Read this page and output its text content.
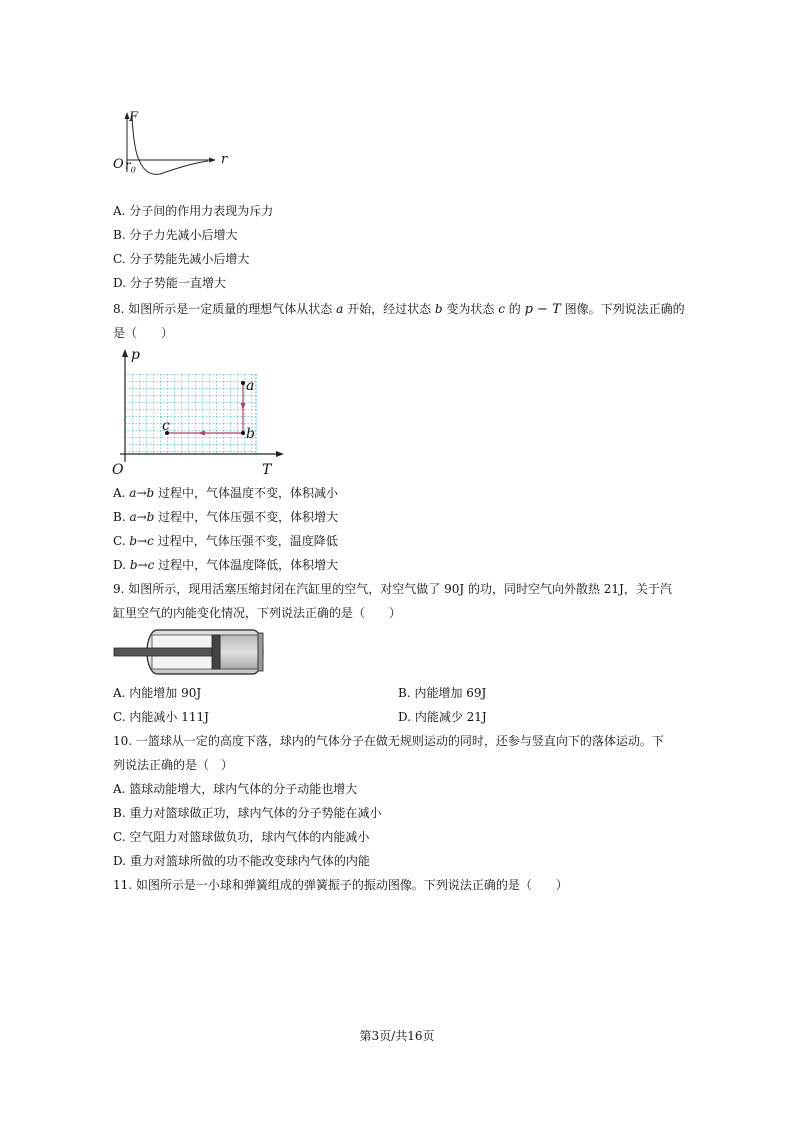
F
r
O $r_0$
A. 分子间的作用力表现为斥力
B. 分子力先减小后增大
C. 分子势能先减小后增大
D. 分子势能一直增大
8. 如图所示是一定质量的理想气体从状态 a 开始，经过状态 b 变为状态 c 的 p − T 图像。下列说法正确的
是（　　）
p
T
O
a
b
c
A. a→b 过程中，气体温度不变，体积减小
B. a→b 过程中，气体压强不变，体积增大
C. b→c 过程中，气体压强不变，温度降低
D. b→c 过程中，气体温度降低，体积增大
9. 如图所示，现用活塞压缩封闭在汽缸里的空气，对空气做了 90J 的功，同时空气向外散热 21J，关于汽
缸里空气的内能变化情况，下列说法正确的是（　　）
A. 内能增加 90J	B. 内能增加 69J
C. 内能减小 111J	D. 内能减少 21J
10. 一篮球从一定的高度下落，球内的气体分子在做无规则运动的同时，还参与竖直向下的落体运动。下
列说法正确的是（　）
A. 篮球动能增大，球内气体的分子动能也增大
B. 重力对篮球做正功，球内气体的分子势能在减小
C. 空气阻力对篮球做负功，球内气体的内能减小
D. 重力对篮球所做的功不能改变球内气体的内能
11. 如图所示是一小球和弹簧组成的弹簧振子的振动图像。下列说法正确的是（　　）
第3页/共16页
